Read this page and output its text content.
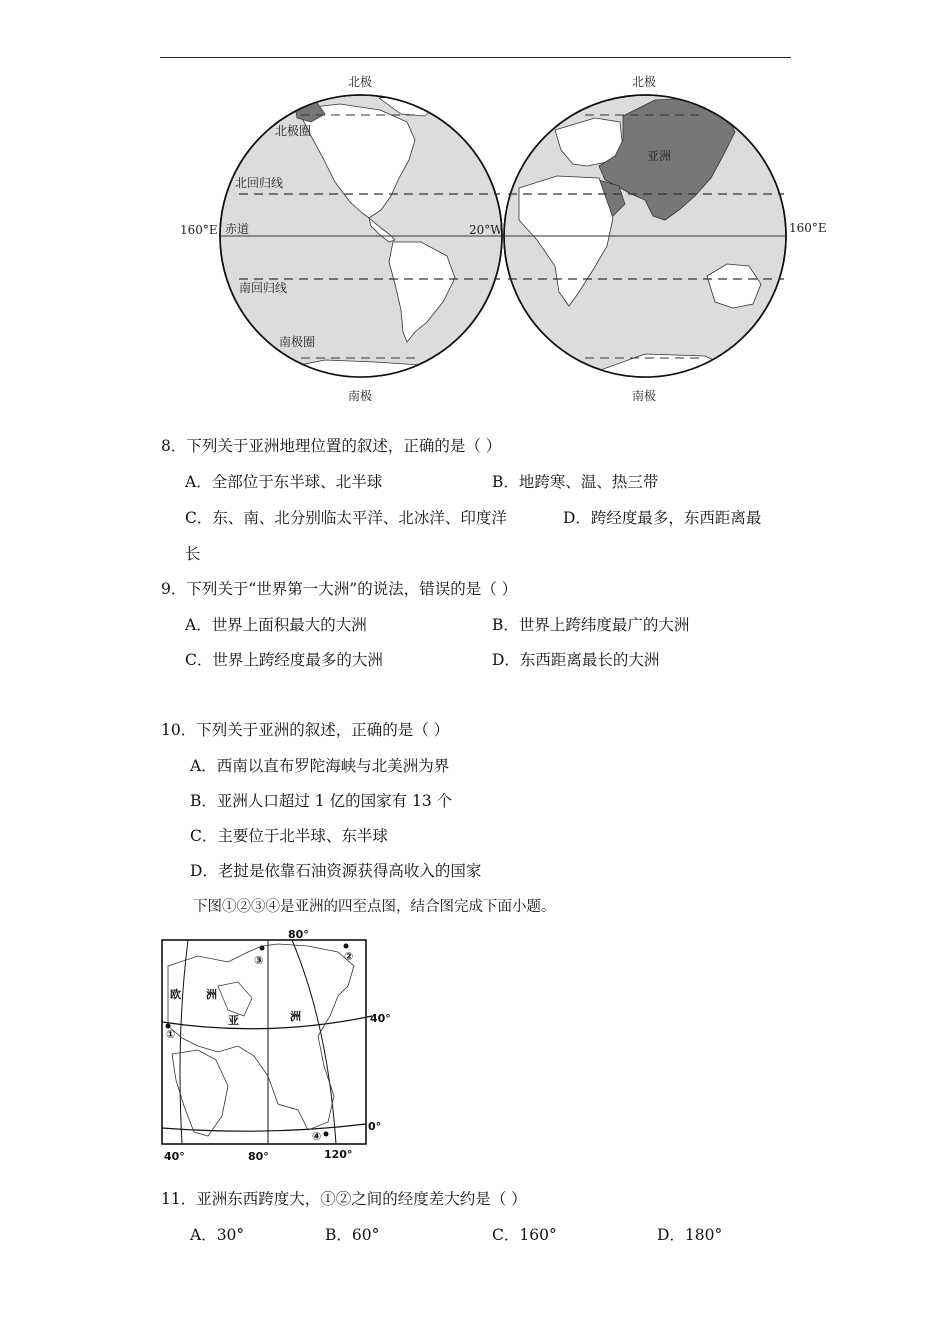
北极
南极
北极
南极
北极圈
北回归线
赤道
南回归线
南极圈
160°E	20°W	160°E
亚洲
8．下列关于亚洲地理位置的叙述，正确的是（ ）
A．全部位于东半球、北半球	B．地跨寒、温、热三带
C．东、南、北分别临太平洋、北冰洋、印度洋	D．跨经度最多，东西距离最
长
9．下列关于“世界第一大洲”的说法，错误的是（ ）
A．世界上面积最大的大洲	B．世界上跨纬度最广的大洲
C．世界上跨经度最多的大洲	D．东西距离最长的大洲
10．下列关于亚洲的叙述，正确的是（ ）
A．西南以直布罗陀海峡与北美洲为界
B．亚洲人口超过 1 亿的国家有 13 个
C．主要位于北半球、东半球
D．老挝是依靠石油资源获得高收入的国家
下图①②③④是亚洲的四至点图，结合图完成下面小题。
80°
40°
0°
40°	80°	120°
欧 洲
亚	洲
①
②
③
④
11．亚洲东西跨度大，①②之间的经度差大约是（ ）
A．30°	B．60°	C．160°	D．180°
